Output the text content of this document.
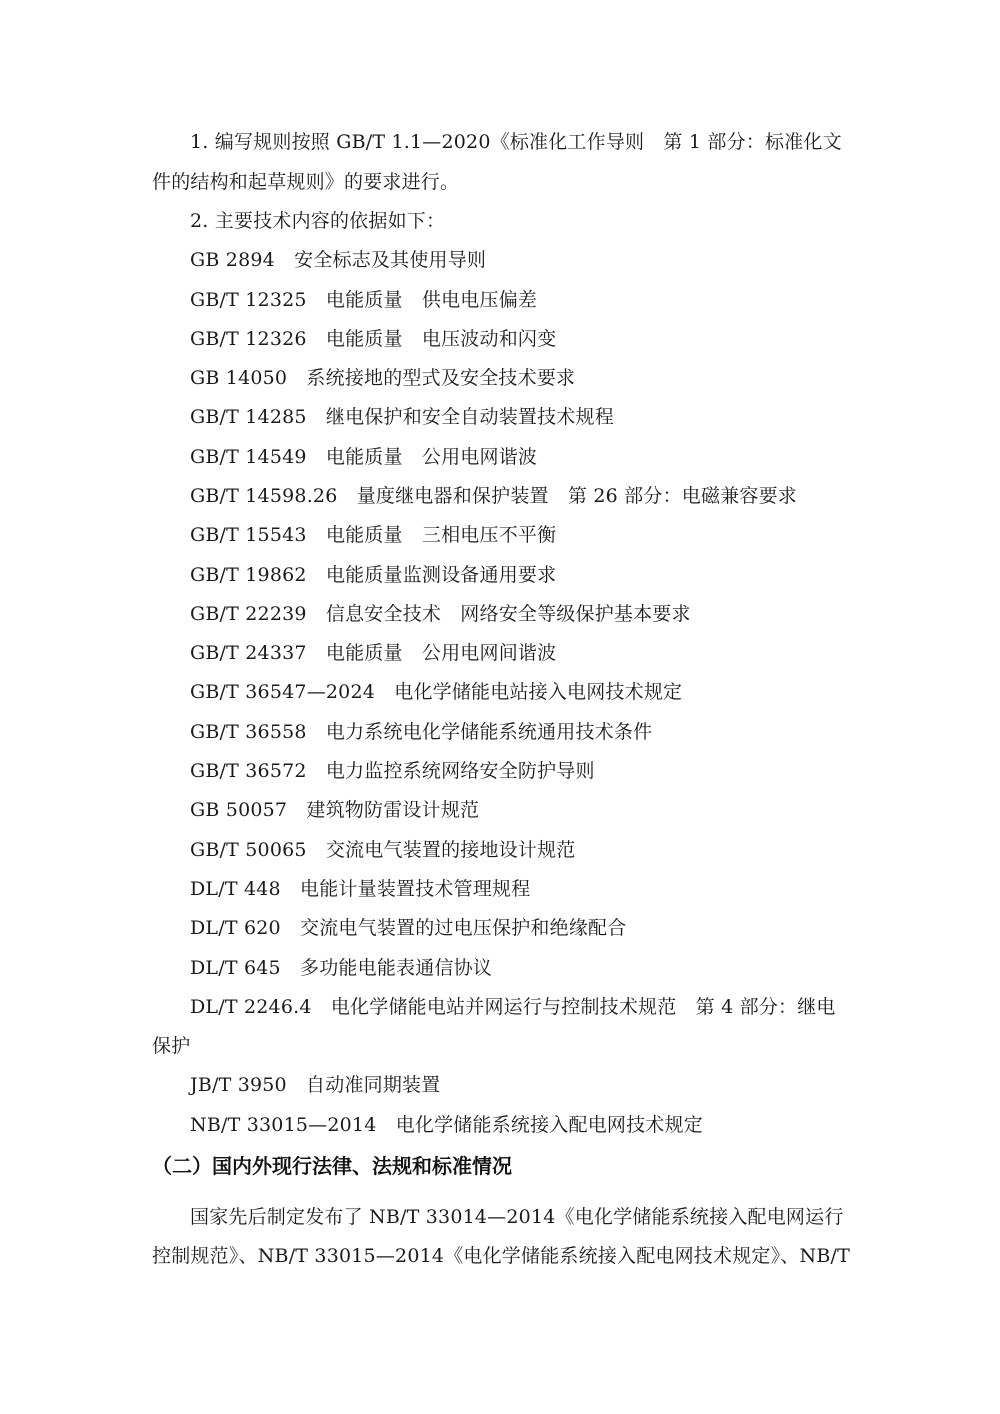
1. 编写规则按照 GB/T 1.1—2020《标准化工作导则　第 1 部分：标准化文
件的结构和起草规则》的要求进行。
2. 主要技术内容的依据如下：
GB 2894　安全标志及其使用导则
GB/T 12325　电能质量　供电电压偏差
GB/T 12326　电能质量　电压波动和闪变
GB 14050　系统接地的型式及安全技术要求
GB/T 14285　继电保护和安全自动装置技术规程
GB/T 14549　电能质量　公用电网谐波
GB/T 14598.26　量度继电器和保护装置　第 26 部分：电磁兼容要求
GB/T 15543　电能质量　三相电压不平衡
GB/T 19862　电能质量监测设备通用要求
GB/T 22239　信息安全技术　网络安全等级保护基本要求
GB/T 24337　电能质量　公用电网间谐波
GB/T 36547—2024　电化学储能电站接入电网技术规定
GB/T 36558　电力系统电化学储能系统通用技术条件
GB/T 36572　电力监控系统网络安全防护导则
GB 50057　建筑物防雷设计规范
GB/T 50065　交流电气装置的接地设计规范
DL/T 448　电能计量装置技术管理规程
DL/T 620　交流电气装置的过电压保护和绝缘配合
DL/T 645　多功能电能表通信协议
DL/T 2246.4　电化学储能电站并网运行与控制技术规范　第 4 部分：继电
保护
JB/T 3950　自动准同期装置
NB/T 33015—2014　电化学储能系统接入配电网技术规定
（二）国内外现行法律、法规和标准情况
国家先后制定发布了 NB/T 33014—2014《电化学储能系统接入配电网运行
控制规范》、NB/T 33015—2014《电化学储能系统接入配电网技术规定》、NB/T
